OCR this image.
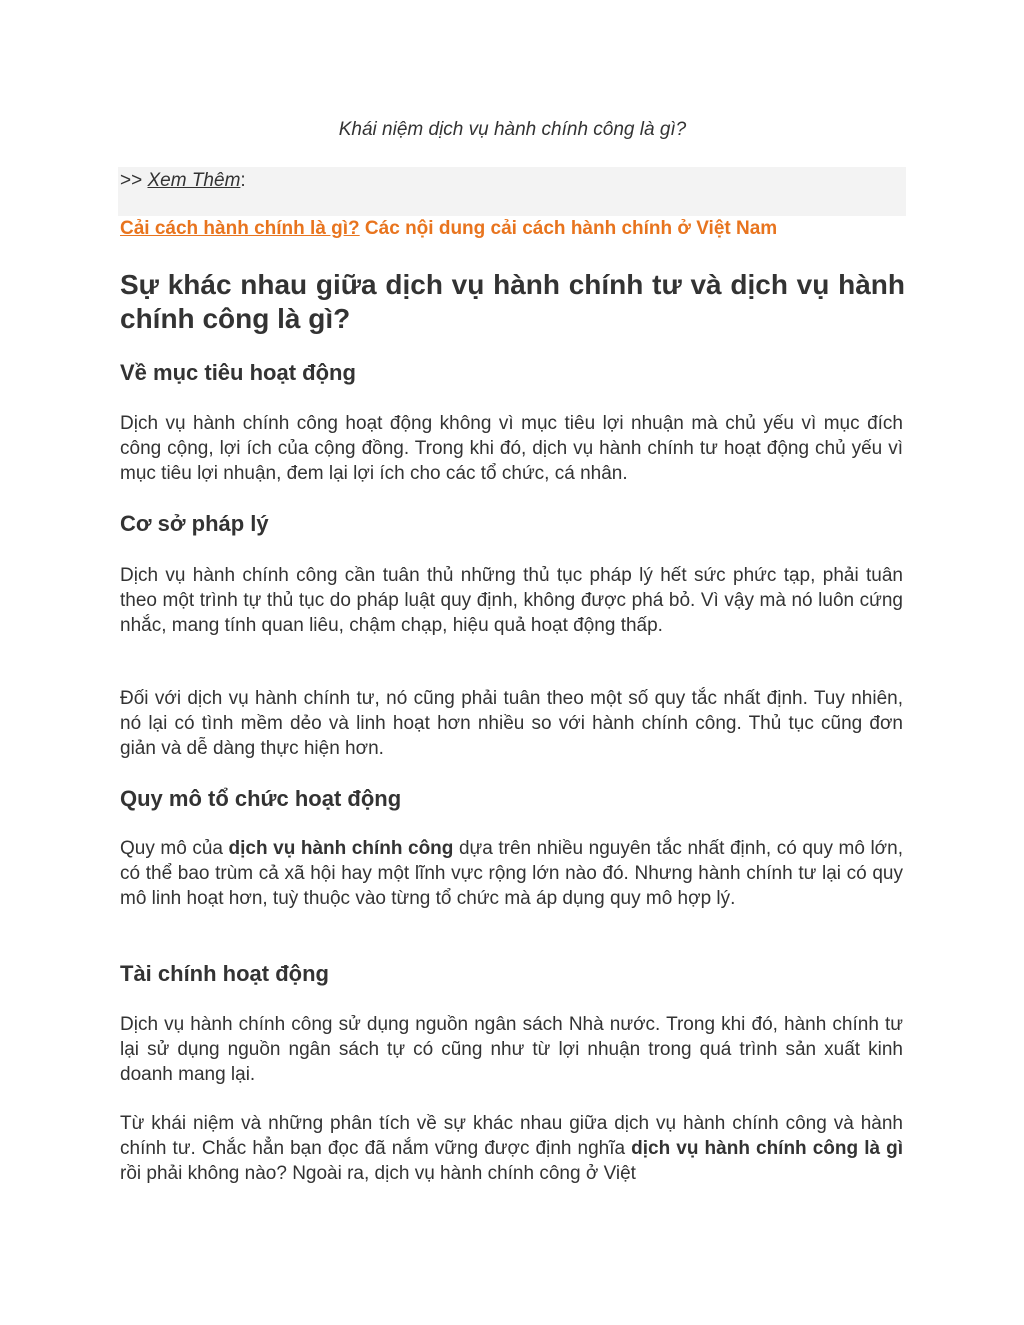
Khái niệm dịch vụ hành chính công là gì?
>> Xem Thêm:
Cải cách hành chính là gì? Các nội dung cải cách hành chính ở Việt Nam
Sự khác nhau giữa dịch vụ hành chính tư và dịch vụ hành chính công là gì?
Về mục tiêu hoạt động
Dịch vụ hành chính công hoạt động không vì mục tiêu lợi nhuận mà chủ yếu vì mục đích công cộng, lợi ích của cộng đồng. Trong khi đó, dịch vụ hành chính tư hoạt động chủ yếu vì mục tiêu lợi nhuận, đem lại lợi ích cho các tổ chức, cá nhân.
Cơ sở pháp lý
Dịch vụ hành chính công cần tuân thủ những thủ tục pháp lý hết sức phức tạp, phải tuân theo một trình tự thủ tục do pháp luật quy định, không được phá bỏ. Vì vậy mà nó luôn cứng nhắc, mang tính quan liêu, chậm chạp, hiệu quả hoạt động thấp.
Đối với dịch vụ hành chính tư, nó cũng phải tuân theo một số quy tắc nhất định. Tuy nhiên, nó lại có tình mềm dẻo và linh hoạt hơn nhiều so với hành chính công. Thủ tục cũng đơn giản và dễ dàng thực hiện hơn.
Quy mô tổ chức hoạt động
Quy mô của dịch vụ hành chính công dựa trên nhiều nguyên tắc nhất định, có quy mô lớn, có thể bao trùm cả xã hội hay một lĩnh vực rộng lớn nào đó. Nhưng hành chính tư lại có quy mô linh hoạt hơn, tuỳ thuộc vào từng tổ chức mà áp dụng quy mô hợp lý.
Tài chính hoạt động
Dịch vụ hành chính công sử dụng nguồn ngân sách Nhà nước. Trong khi đó, hành chính tư lại sử dụng nguồn ngân sách tự có cũng như từ lợi nhuận trong quá trình sản xuất kinh doanh mang lại.
Từ khái niệm và những phân tích về sự khác nhau giữa dịch vụ hành chính công và hành chính tư. Chắc hẳn bạn đọc đã nắm vững được định nghĩa dịch vụ hành chính công là gì rồi phải không nào? Ngoài ra, dịch vụ hành chính công ở Việt
